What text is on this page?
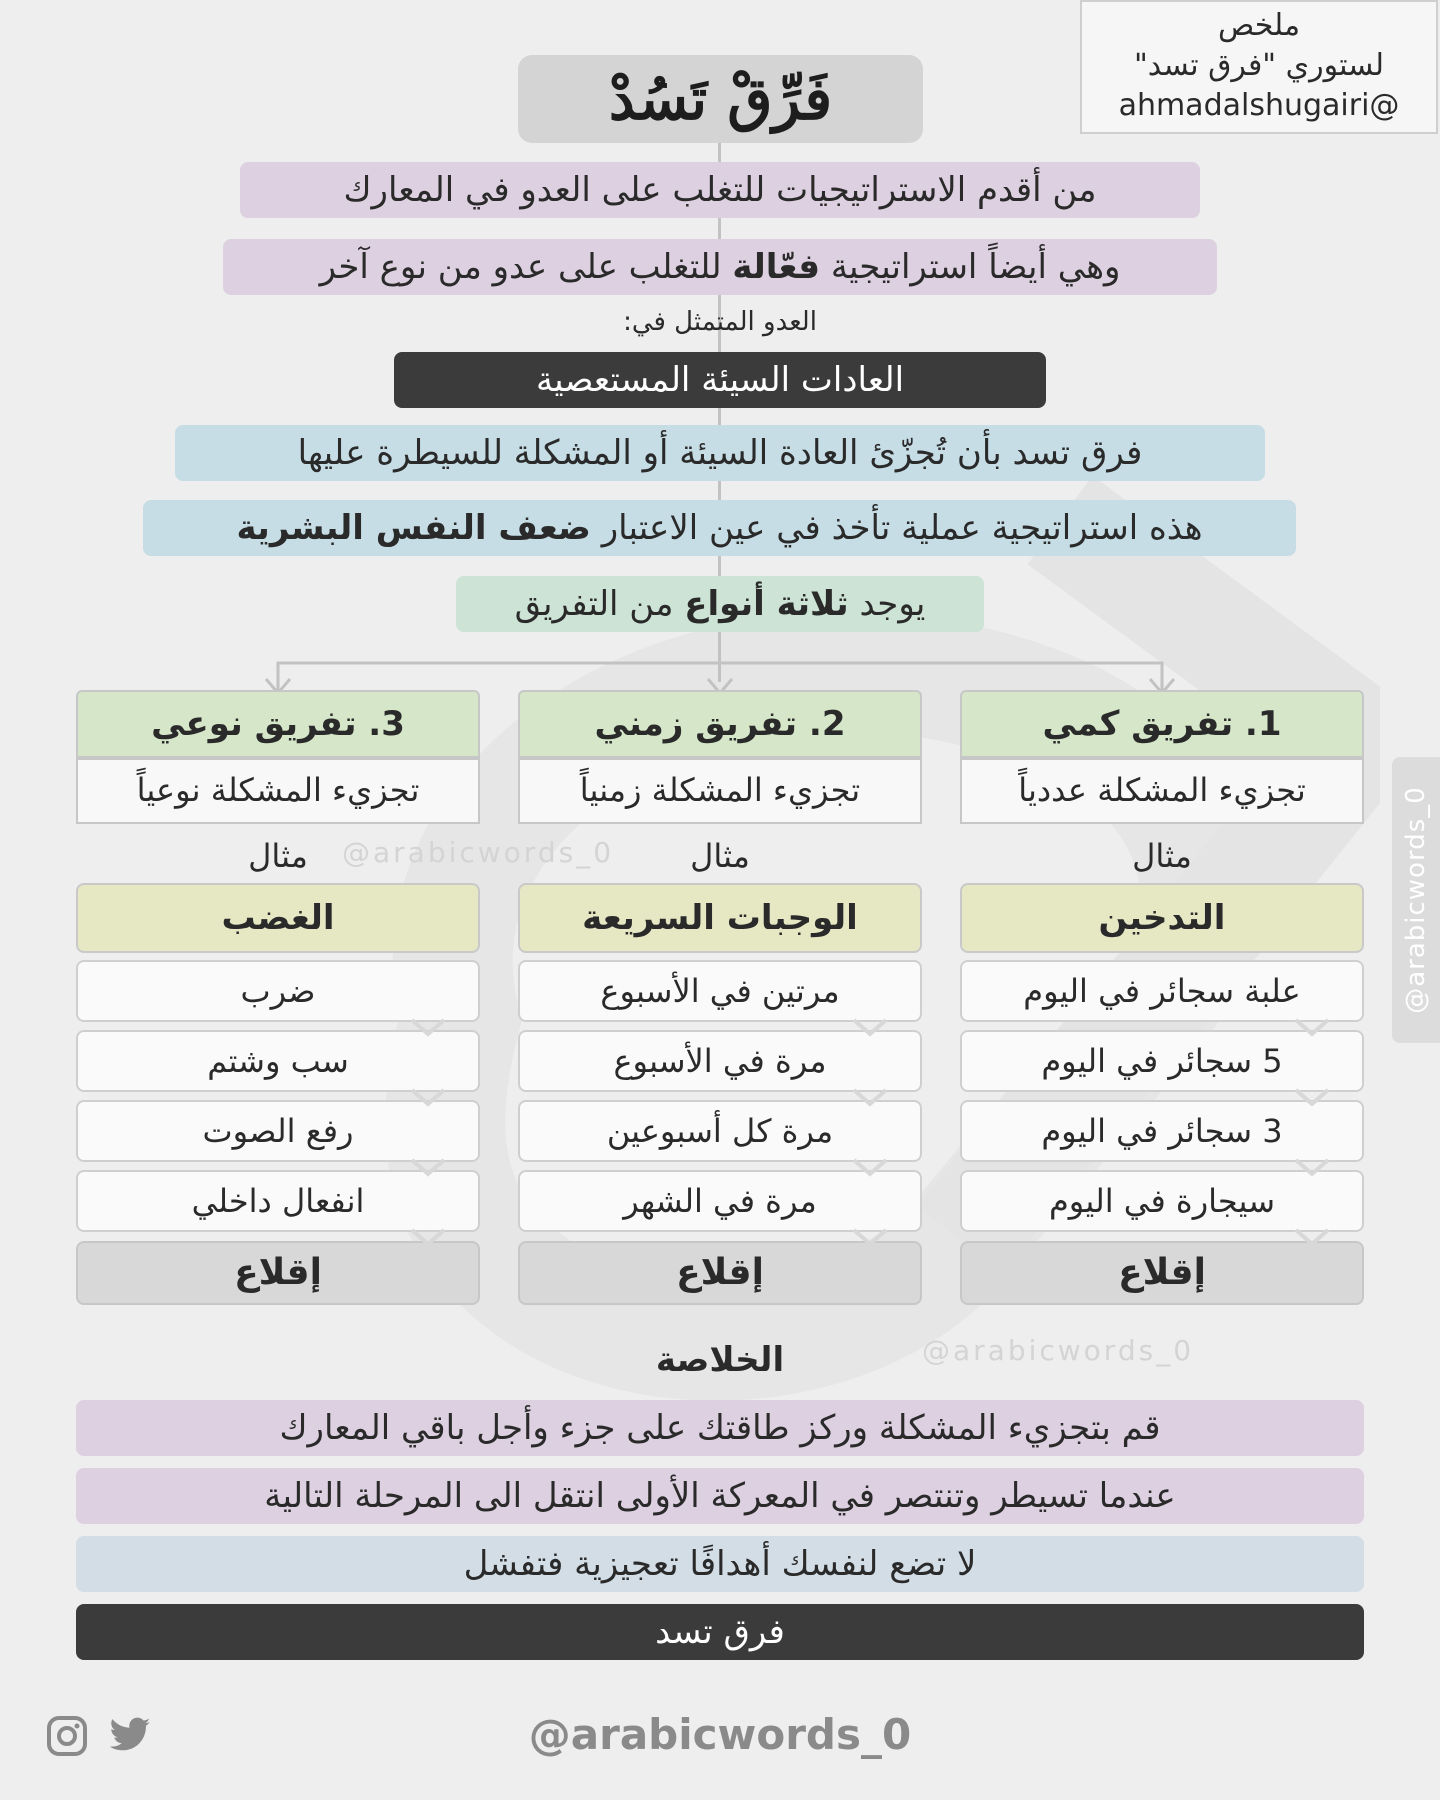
ملخص
لستوري "فرق تسد"
@ahmadalshugairi
فَرِّقْ تَسُدْ
من أقدم الاستراتيجيات للتغلب على العدو في المعارك
وهي أيضاً استراتيجية فعّالة للتغلب على عدو من نوع آخر
العدو المتمثل في:
العادات السيئة المستعصية
فرق تسد بأن تُجزّئ العادة السيئة أو المشكلة للسيطرة عليها
هذه استراتيجية عملية تأخذ في عين الاعتبار ضعف النفس البشرية
يوجد ثلاثة أنواع من التفريق
1. تفريق كمي
تجزيء المشكلة عددياً
مثال
التدخين
علبة سجائر في اليوم
5 سجائر في اليوم
3 سجائر في اليوم
سيجارة في اليوم
إقلاع
2. تفريق زمني
تجزيء المشكلة زمنياً
مثال
الوجبات السريعة
مرتين في الأسبوع
مرة في الأسبوع
مرة كل أسبوعين
مرة في الشهر
إقلاع
3. تفريق نوعي
تجزيء المشكلة نوعياً
مثال
الغضب
ضرب
سب وشتم
رفع الصوت
انفعال داخلي
إقلاع
@arabicwords_0
@arabicwords_0
@arabicwords_0
الخلاصة
قم بتجزيء المشكلة وركز طاقتك على جزء وأجل باقي المعارك
عندما تسيطر وتنتصر في المعركة الأولى انتقل الى المرحلة التالية
لا تضع لنفسك أهدافًا تعجيزية فتفشل
فرق تسد
@arabicwords_0
